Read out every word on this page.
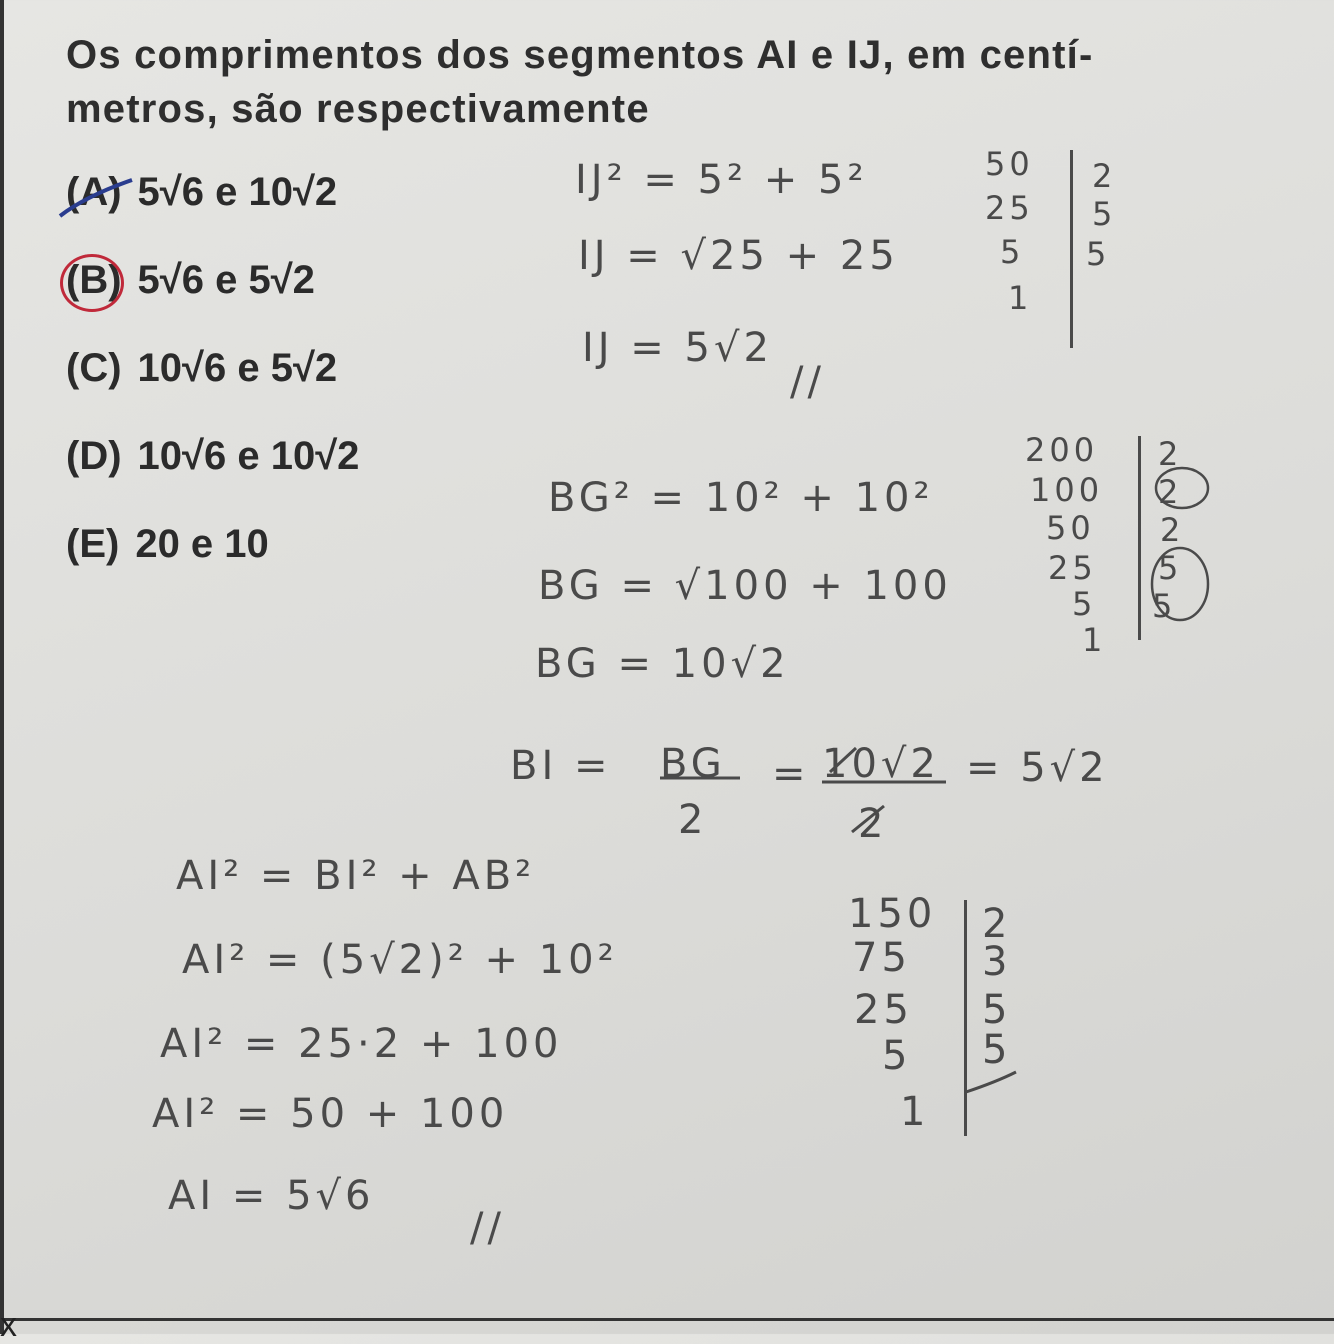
x
Os comprimentos dos segmentos AI e IJ, em centí-
metros, são respectivamente
(A) 5√6 e 10√2
(B) 5√6 e 5√2
(C) 10√6 e 5√2
(D) 10√6 e 10√2
(E) 20 e 10
IJ² = 5² + 5²
IJ = √25 + 25
IJ = 5√2
//
BG² = 10² + 10²
BG = √100 + 100
BG = 10√2
BI = BG
2
= 10√2
2
= 5√2
AI² = BI² + AB²
AI² = (5√2)² + 10²
AI² = 25·2 + 100
AI² = 50 + 100
AI = 5√6
//
50
25
5
1
2
5
5
200
100
50
25
5
1
2
2
2
5
5
150
75
25
5
1
2
3
5
5
